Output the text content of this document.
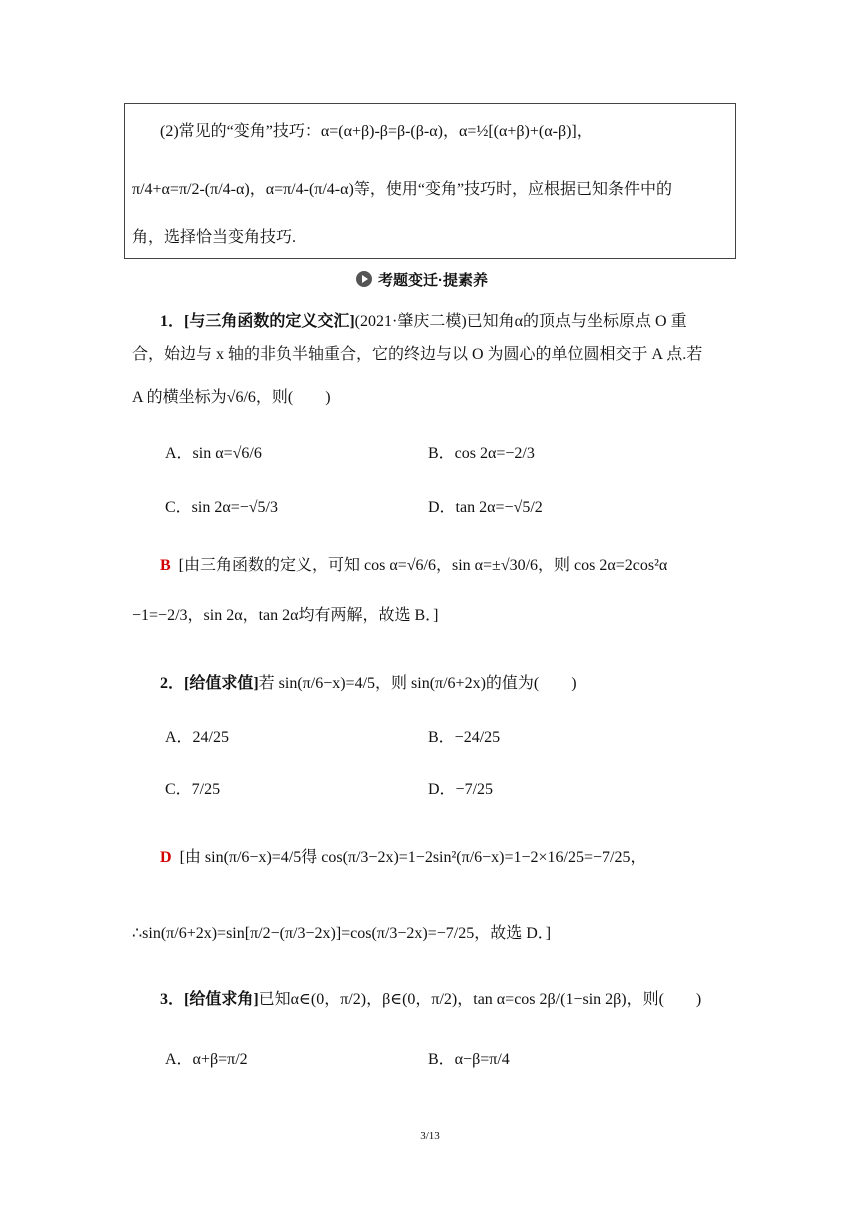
(2)常见的“变角”技巧：α=(α+β)-β=β-(β-α)，α=½[(α+β)+(α-β)]，
π/4+α=π/2-(π/4-α)，α=π/4-(π/4-α)等，使用“变角”技巧时，应根据已知条件中的
角，选择恰当变角技巧.
考题变迁·提素养
1．[与三角函数的定义交汇](2021·肇庆二模)已知角α的顶点与坐标原点 O 重
合，始边与 x 轴的非负半轴重合，它的终边与以 O 为圆心的单位圆相交于 A 点.若
A 的横坐标为√6/6，则(　　)
A．sin α=√6/6	B．cos 2α=−2/3
C．sin 2α=−√5/3	D．tan 2α=−√5/2
B [由三角函数的定义，可知 cos α=√6/6，sin α=±√30/6，则 cos 2α=2cos²α
−1=−2/3，sin 2α，tan 2α均有两解，故选 B．]
2．[给值求值]若 sin(π/6−x)=4/5，则 sin(π/6+2x)的值为(　　)
A．24/25	B．−24/25
C．7/25	D．−7/25
D [由 sin(π/6−x)=4/5得 cos(π/3−2x)=1−2sin²(π/6−x)=1−2×16/25=−7/25，
∴sin(π/6+2x)=sin[π/2−(π/3−2x)]=cos(π/3−2x)=−7/25，故选 D．]
3．[给值求角]已知α∈(0，π/2)，β∈(0，π/2)，tan α=cos 2β/(1−sin 2β)，则(　　)
A．α+β=π/2	B．α−β=π/4
3/13
